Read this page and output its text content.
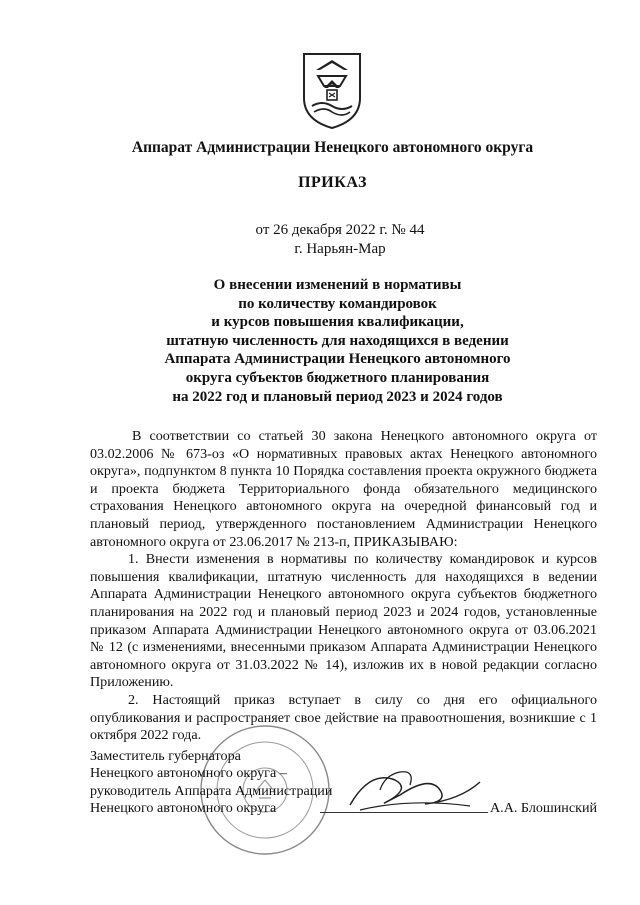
Аппарат Администрации Ненецкого автономного округа
ПРИКАЗ
от 26 декабря 2022 г. № 44
г. Нарьян-Мар
О внесении изменений в нормативы
по количеству командировок
и курсов повышения квалификации,
штатную численность для находящихся в ведении
Аппарата Администрации Ненецкого автономного
округа субъектов бюджетного планирования
на 2022 год и плановый период 2023 и 2024 годов

В соответствии со статьей 30 закона Ненецкого автономного округа от 03.02.2006 № 673-оз «О нормативных правовых актах Ненецкого автономного округа», подпунктом 8 пункта 10 Порядка составления проекта окружного бюджета и проекта бюджета Территориального фонда обязательного медицинского страхования Ненецкого автономного округа на очередной финансовый год и плановый период, утвержденного постановлением Администрации Ненецкого автономного округа от 23.06.2017 № 213-п, ПРИКАЗЫВАЮ:

1. Внести изменения в нормативы по количеству командировок и курсов повышения квалификации, штатную численность для находящихся в ведении Аппарата Администрации Ненецкого автономного округа субъектов бюджетного планирования на 2022 год и плановый период 2023 и 2024 годов, установленные приказом Аппарата Администрации Ненецкого автономного округа от 03.06.2021 № 12 (с изменениями, внесенными приказом Аппарата Администрации Ненецкого автономного округа от 31.03.2022 № 14), изложив их в новой редакции согласно Приложению.

2. Настоящий приказ вступает в силу со дня его официального опубликования и распространяет свое действие на правоотношения, возникшие с 1 октября 2022 года.

Заместитель губернатора
Ненецкого автономного округа –
руководитель Аппарата Администрации
Ненецкого автономного округа	А.А. Блошинский
